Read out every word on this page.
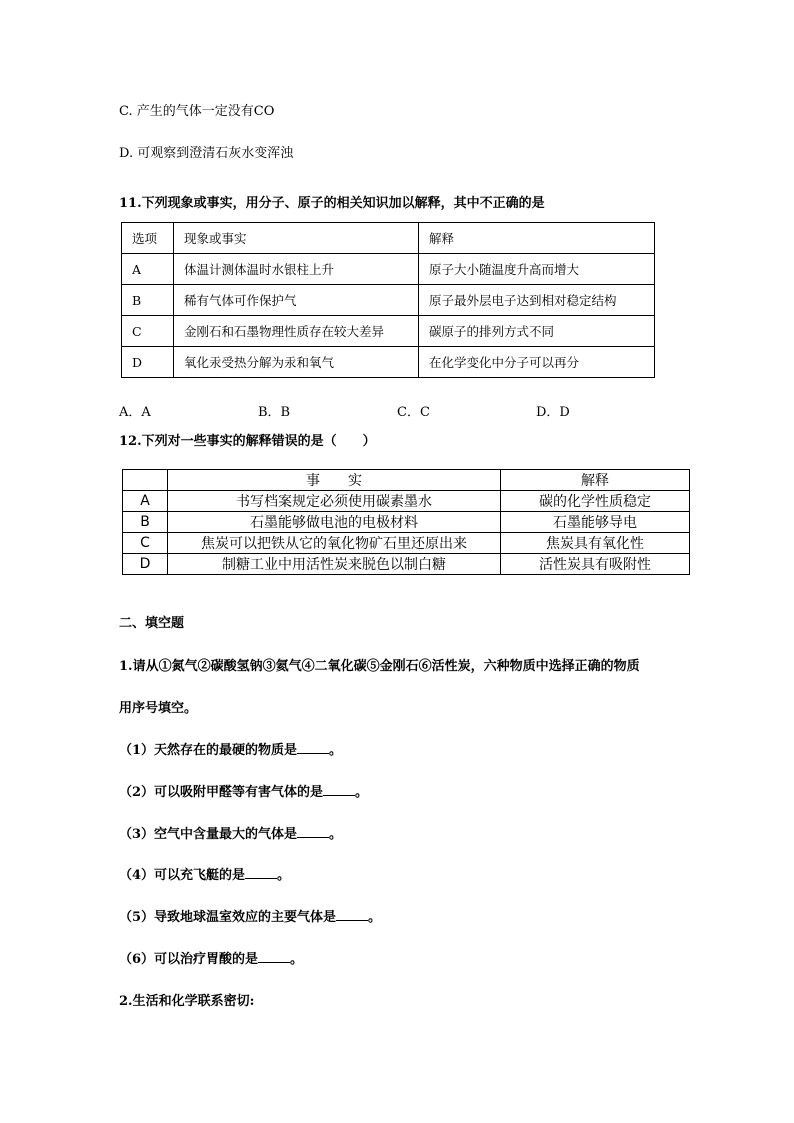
C. 产生的气体一定没有CO
D. 可观察到澄清石灰水变浑浊
11.下列现象或事实，用分子、原子的相关知识加以解释，其中不正确的是
选项	现象或事实	解释
A	体温计测体温时水银柱上升	原子大小随温度升高而增大
B	稀有气体可作保护气	原子最外层电子达到相对稳定结构
C	金刚石和石墨物理性质存在较大差异	碳原子的排列方式不同
D	氧化汞受热分解为汞和氧气	在化学变化中分子可以再分
A．A	B．B	C．C	D．D
12.下列对一些事实的解释错误的是（　　）
	事　　实	解释
A	书写档案规定必须使用碳素墨水	碳的化学性质稳定
B	石墨能够做电池的电极材料	石墨能够导电
C	焦炭可以把铁从它的氧化物矿石里还原出来	焦炭具有氧化性
D	制糖工业中用活性炭来脱色以制白糖	活性炭具有吸附性
二、填空题
1.请从①氮气②碳酸氢钠③氦气④二氧化碳⑤金刚石⑥活性炭，六种物质中选择正确的物质
用序号填空。
（1）天然存在的最硬的物质是 。
（2）可以吸附甲醛等有害气体的是 。
（3）空气中含量最大的气体是 。
（4）可以充飞艇的是 。
（5）导致地球温室效应的主要气体是 。
（6）可以治疗胃酸的是 。
2.生活和化学联系密切:
